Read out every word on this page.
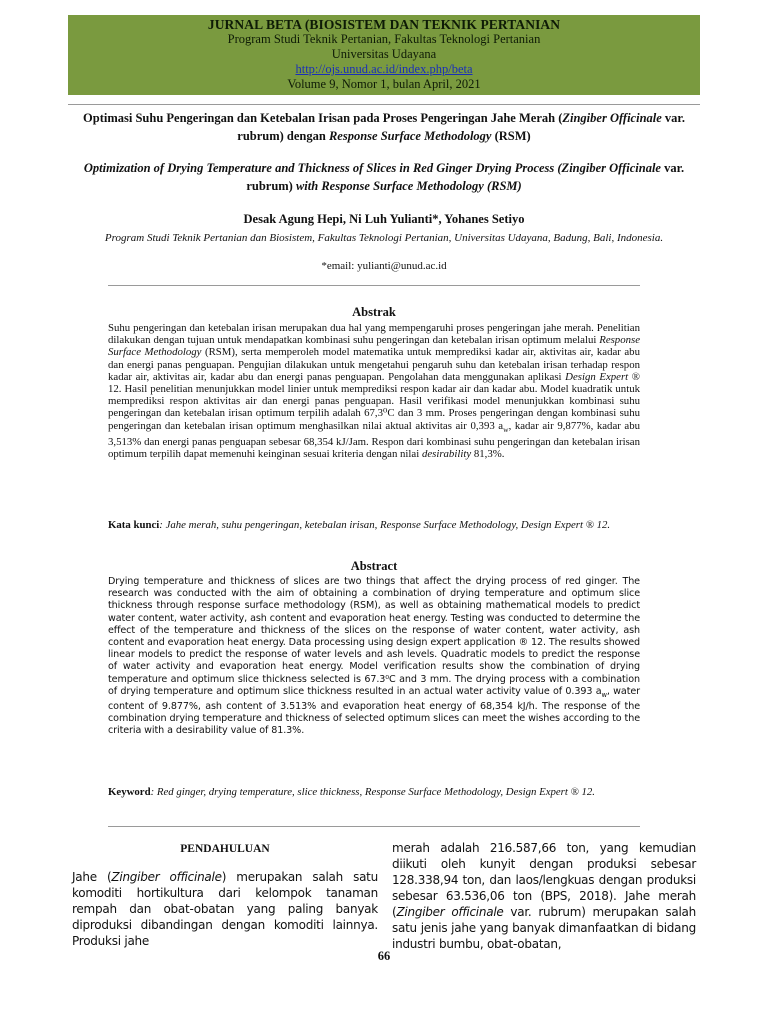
JURNAL BETA (BIOSISTEM DAN TEKNIK PERTANIAN

Program Studi Teknik Pertanian, Fakultas Teknologi Pertanian

Universitas Udayana

http://ojs.unud.ac.id/index.php/beta

Volume 9, Nomor 1, bulan April, 2021

Optimasi Suhu Pengeringan dan Ketebalan Irisan pada Proses Pengeringan Jahe Merah (Zingiber Officinale var. rubrum) dengan Response Surface Methodology (RSM)
Optimization of Drying Temperature and Thickness of Slices in Red Ginger Drying Process (Zingiber Officinale var. rubrum) with Response Surface Methodology (RSM)
Desak Agung Hepi, Ni Luh Yulianti*, Yohanes Setiyo
Program Studi Teknik Pertanian dan Biosistem, Fakultas Teknologi Pertanian, Universitas Udayana, Badung, Bali, Indonesia.
*email: yulianti@unud.ac.id
Abstrak
Suhu pengeringan dan ketebalan irisan merupakan dua hal yang mempengaruhi proses pengeringan jahe merah. Penelitian dilakukan dengan tujuan untuk mendapatkan kombinasi suhu pengeringan dan ketebalan irisan optimum melalui Response Surface Methodology (RSM), serta memperoleh model matematika untuk memprediksi kadar air, aktivitas air, kadar abu dan energi panas penguapan. Pengujian dilakukan untuk mengetahui pengaruh suhu dan ketebalan irisan terhadap respon kadar air, aktivitas air, kadar abu dan energi panas penguapan. Pengolahan data menggunakan aplikasi Design Expert ® 12. Hasil penelitian menunjukkan model linier untuk memprediksi respon kadar air dan kadar abu. Model kuadratik untuk memprediksi respon aktivitas air dan energi panas penguapan. Hasil verifikasi model menunjukkan kombinasi suhu pengeringan dan ketebalan irisan optimum terpilih adalah 67,3⁰C dan 3 mm. Proses pengeringan dengan kombinasi suhu pengeringan dan ketebalan irisan optimum menghasilkan nilai aktual aktivitas air 0,393 $a_w$, kadar air 9,877%, kadar abu 3,513% dan energi panas penguapan sebesar 68,354 kJ/Jam. Respon dari kombinasi suhu pengeringan dan ketebalan irisan optimum terpilih dapat memenuhi keinginan sesuai kriteria dengan nilai desirability 81,3%.
Kata kunci: Jahe merah, suhu pengeringan, ketebalan irisan, Response Surface Methodology, Design Expert ® 12.
Abstract
Drying temperature and thickness of slices are two things that affect the drying process of red ginger. The research was conducted with the aim of obtaining a combination of drying temperature and optimum slice thickness through response surface methodology (RSM), as well as obtaining mathematical models to predict water content, water activity, ash content and evaporation heat energy. Testing was conducted to determine the effect of the temperature and thickness of the slices on the response of water content, water activity, ash content and evaporation heat energy. Data processing using design expert application ® 12. The results showed linear models to predict the response of water levels and ash levels. Quadratic models to predict the response of water activity and evaporation heat energy. Model verification results show the combination of drying temperature and optimum slice thickness selected is 67.3⁰C and 3 mm. The drying process with a combination of drying temperature and optimum slice thickness resulted in an actual water activity value of 0.393 $a_w$, water content of 9.877%, ash content of 3.513% and evaporation heat energy of 68,354 kJ/h. The response of the combination drying temperature and thickness of selected optimum slices can meet the wishes according to the criteria with a desirability value of 81.3%.
Keyword: Red ginger, drying temperature, slice thickness, Response Surface Methodology, Design Expert ® 12.
PENDAHULUAN
Jahe (Zingiber officinale) merupakan salah satu komoditi hortikultura dari kelompok tanaman rempah dan obat-obatan yang paling banyak diproduksi dibandingan dengan komoditi lainnya. Produksi jahe
merah adalah 216.587,66 ton, yang kemudian diikuti oleh kunyit dengan produksi sebesar 128.338,94 ton, dan laos/lengkuas dengan produksi sebesar 63.536,06 ton (BPS, 2018). Jahe merah (Zingiber officinale var. rubrum) merupakan salah satu jenis jahe yang banyak dimanfaatkan di bidang industri bumbu, obat-obatan,
66
